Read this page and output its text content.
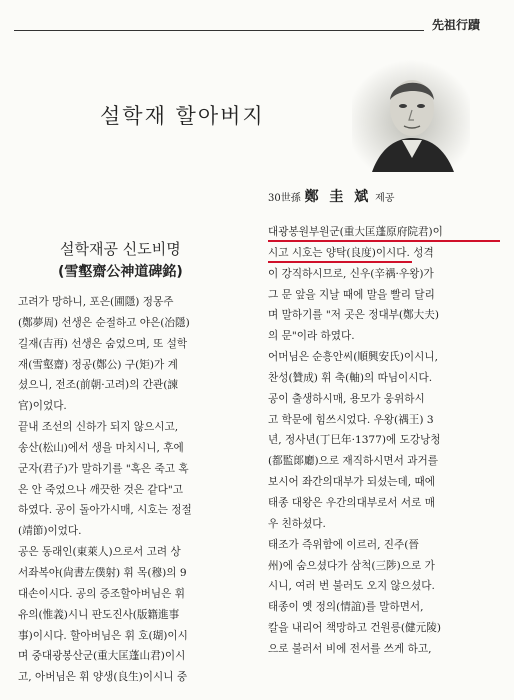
先祖行蹟
설학재 할아버지
30世孫 鄭 圭 斌 제공
설학재공 신도비명
(雪壑齋公神道碑銘)
고려가 망하니, 포은(圃隱) 정몽주
(鄭夢周) 선생은 순절하고 야은(冶隱)
길재(吉再) 선생은 숨었으며, 또 설학
재(雪壑齋) 정공(鄭公) 구(矩)가 계
셨으니, 전조(前朝·고려)의 간관(諫
官)이었다.
끝내 조선의 신하가 되지 않으시고,
송산(松山)에서 생을 마치시니, 후에
군자(君子)가 말하기를 "혹은 죽고 혹
은 안 죽었으나 깨끗한 것은 같다"고
하였다. 공이 돌아가시매, 시호는 정절
(靖節)이었다.
공은 동래인(東萊人)으로서 고려 상
서좌복야(尙書左僕射) 휘 목(穆)의 9
대손이시다. 공의 증조할아버님은 휘
유의(惟義)시니 판도진사(版籍進事
事)이시다. 할아버님은 휘 호(瑚)이시
며 중대광봉산군(重大匡蓬山君)이시
고, 아버님은 휘 양생(良生)이시니 중
대광봉원부원군(重大匡蓬原府院君)이
시고 시호는 양탁(良度)이시다. 성격
이 강직하시므로, 신우(辛禑·우왕)가
그 문 앞을 지날 때에 말을 빨리 달리
며 말하기를 "저 곳은 정대부(鄭大夫)
의 문"이라 하였다.
어머님은 순흥안씨(順興安氏)이시니,
찬성(贊成) 휘 축(軸)의 따님이시다.
공이 출생하시매, 용모가 웅위하시
고 학문에 힘쓰시었다. 우왕(禑王) 3
년, 정사년(丁巳年·1377)에 도강낭청
(都監郞廳)으로 재직하시면서 과거를
보시어 좌간의대부가 되셨는데, 때에
태종 대왕은 우간의대부로서 서로 매
우 친하셨다.
태조가 즉위함에 이르러, 진주(晉
州)에 숨으셨다가 삼척(三陟)으로 가
시니, 여러 번 불러도 오지 않으셨다.
태종이 옛 정의(情誼)를 말하면서,
칼을 내리어 책망하고 건원릉(健元陵)
으로 불러서 비에 전서를 쓰게 하고,
